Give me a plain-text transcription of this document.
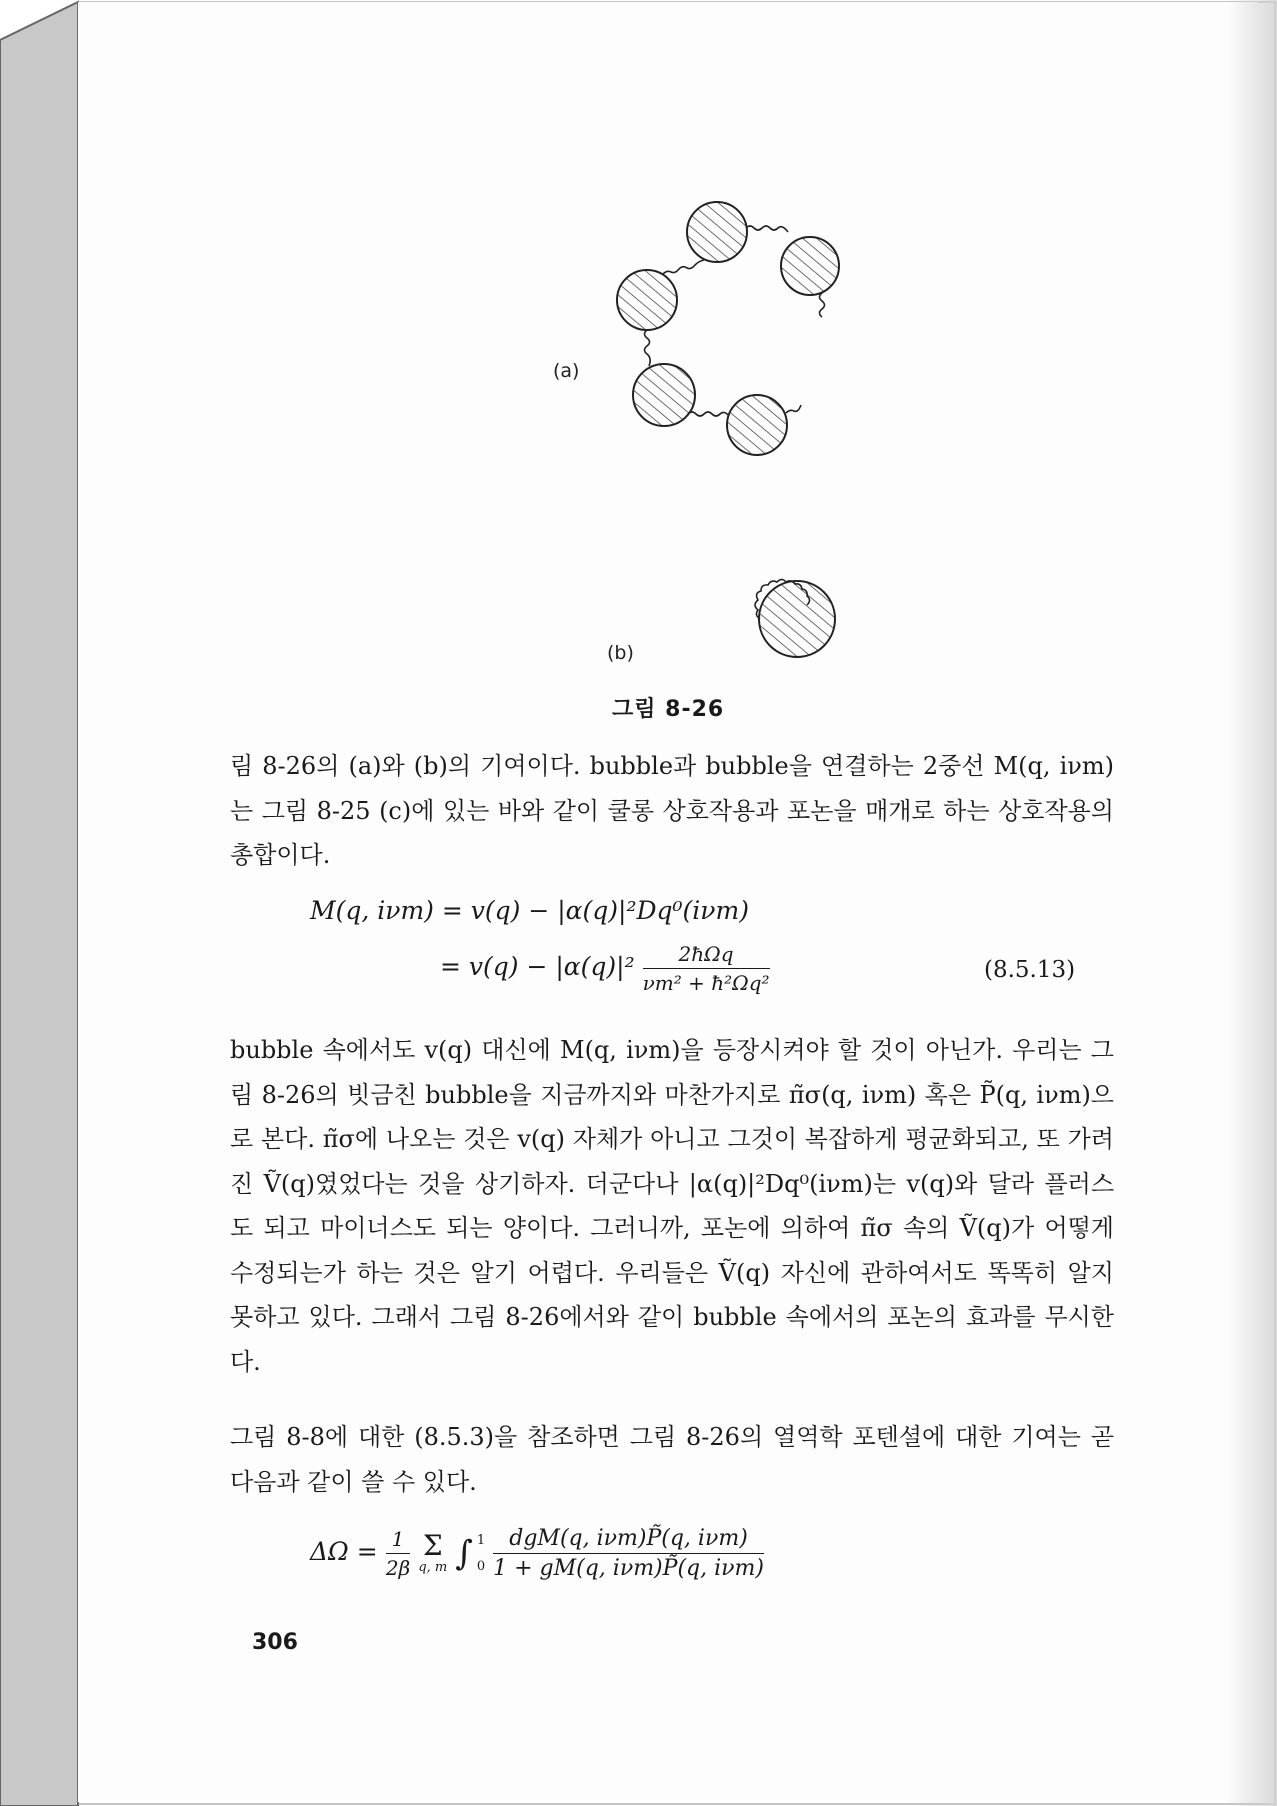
(a)
(b)
그림 8-26

림 8-26의 (a)와 (b)의 기여이다. bubble과 bubble을 연결하는 2중선 M(q, iνm)는 그림 8-25 (c)에 있는 바와 같이 쿨롱 상호작용과 포논을 매개로 하는 상호작용의 총합이다.

M(q, iνm) = v(q) − |α(q)|²Dq⁰(iνm)
= $v(q) - |\alpha(q)|^2 \frac{\text{2ħΩq}}{\text{νm² + ħ²Ωq²}}$	(8.5.13)

bubble 속에서도 v(q) 대신에 M(q, iνm)을 등장시켜야 할 것이 아닌가. 우리는 그림 8-26의 빗금친 bubble을 지금까지와 마찬가지로 π̃σ(q, iνm) 혹은 P̃(q, iνm)으로 본다. π̃σ에 나오는 것은 v(q) 자체가 아니고 그것이 복잡하게 평균화되고, 또 가려진 Ṽ(q)였었다는 것을 상기하자. 더군다나 |α(q)|²Dq⁰(iνm)는 v(q)와 달라 플러스도 되고 마이너스도 되는 양이다. 그러니까, 포논에 의하여 π̃σ 속의 Ṽ(q)가 어떻게 수정되는가 하는 것은 알기 어렵다. 우리들은 Ṽ(q) 자신에 관하여서도 똑똑히 알지 못하고 있다. 그래서 그림 8-26에서와 같이 bubble 속에서의 포논의 효과를 무시한다.

그림 8-8에 대한 (8.5.3)을 참조하면 그림 8-26의 열역학 포텐셜에 대한 기여는 곧 다음과 같이 쓸 수 있다.

$\Delta\Omega = \frac{1}{2\beta}$
Σ
q, m ∫ 1
0
$\frac{\text{dgM(q, iνm)P̃(q, iνm)}}{\text{1 + gM(q, iνm)P̃(q, iνm)}}$
306
